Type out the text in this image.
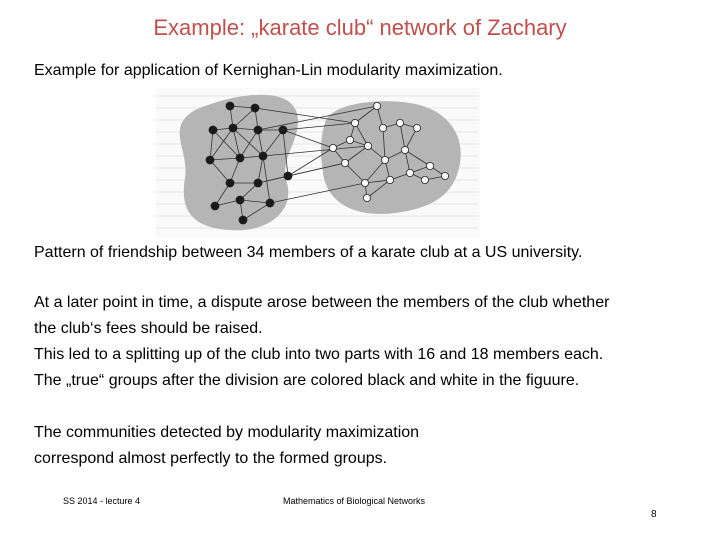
Example: „karate club“ network of Zachary
Example for application of Kernighan-Lin modularity maximization.
Pattern of friendship between 34 members of a karate club at a US university.
At a later point in time, a dispute arose between the members of the club whether
the club‘s fees should be raised.
This led to a splitting up of the club into two parts with 16 and 18 members each.
The „true“ groups after the division are colored black and white in the figuure.
The communities detected by modularity maximization
correspond almost perfectly to the formed groups.
SS 2014 - lecture 4	Mathematics of Biological Networks
8
